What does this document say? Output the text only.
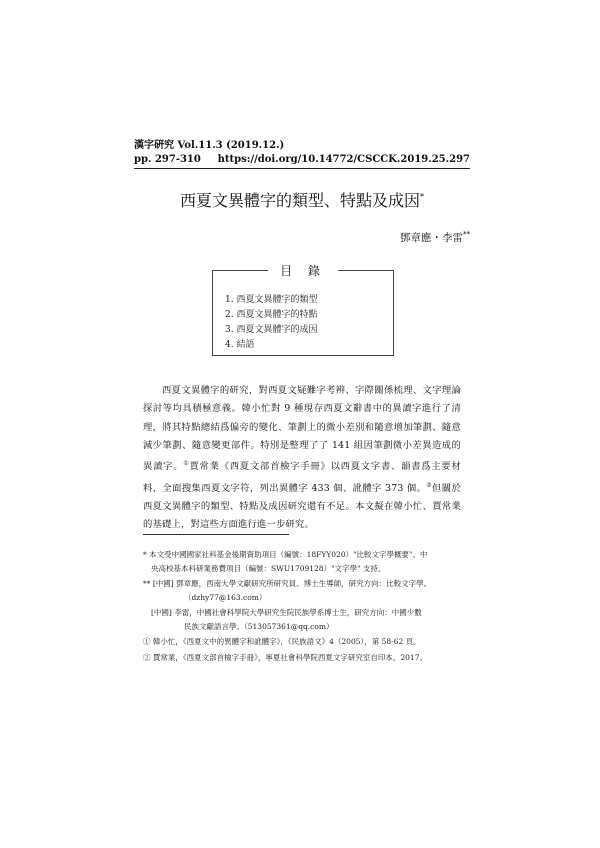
漢字硏究 Vol.11.3 (2019.12.)
pp. 297-310 https://doi.org/10.14772/CSCCK.2019.25.297
西夏文異體字的類型、特點及成因*
鄧章應・李雷**
目 錄
1. 西夏文異體字的類型
2. 西夏文異體字的特點
3. 西夏文異體字的成因
4. 結語
西夏文異體字的研究，對西夏文疑難字考辨、字際關係梳理、文字理論探討等均具積極意義。韓小忙對 9 種現存西夏文辭書中的異讀字進行了清理，將其特點總結爲偏旁的變化、筆劃上的微小差別和隨意增加筆劃、隨意減少筆劃、隨意變更部件。特別是整理了了 141 組因筆劃微小差異造成的異讀字。①賈常業《西夏文部首檢字手冊》以西夏文字書、韻書爲主要材料，全面搜集西夏文字符，列出異體字 433 個、訛體字 373 個。②但關於西夏文異體字的類型、特點及成因研究還有不足。本文擬在韓小忙、賈常業的基礎上，對這些方面進行進一步研究。
* 本文受中國國家社科基金後期資助項目（編號：18FYY020）"比較文字學概要"、中
央高校基本科研業務費項目（編號：SWU1709128）"文字學" 支持。
** [中國] 鄧章應，西南大學文獻研究所研究員、博士生導師，研究方向：比較文字學。
（dzhy77@163.com）
[中國] 李雷，中國社會科學院大學研究生院民族學系博士生，研究方向：中國少數
民族文獻語言學。（513057361@qq.com）
① 韓小忙，《西夏文中的異體字和訛體字》，《民族語文》4（2005），第 58-62 頁。
② 賈常業，《西夏文部首檢字手冊》，寧夏社會科學院西夏文字研究室自印本，2017。
